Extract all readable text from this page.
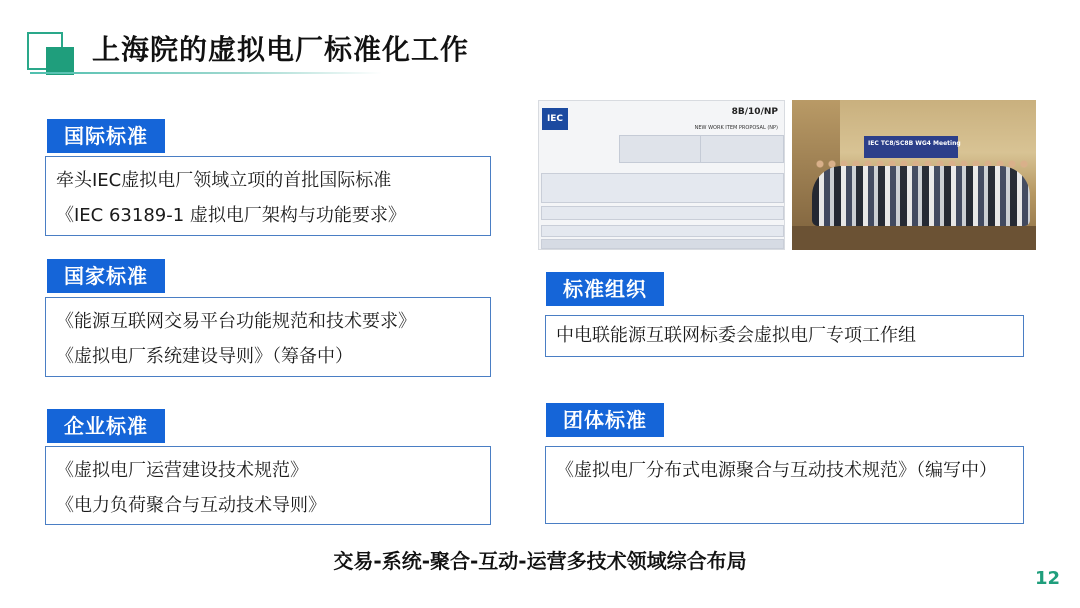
上海院的虚拟电厂标准化工作
国际标准

牵头IEC虚拟电厂领域立项的首批国际标准

《IEC 63189-1 虚拟电厂架构与功能要求》

国家标准

《能源互联网交易平台功能规范和技术要求》

《虚拟电厂系统建设导则》（筹备中）

企业标准

《虚拟电厂运营建设技术规范》

《电力负荷聚合与互动技术导则》

IEC
8B/10/NP
NEW WORK ITEM PROPOSAL (NP)
IEC TC8/SC8B WG4 Meeting
标准组织

中电联能源互联网标委会虚拟电厂专项工作组

团体标准

《虚拟电厂分布式电源聚合与互动技术规范》（编写中）

交易-系统-聚合-互动-运营多技术领域综合布局
12
